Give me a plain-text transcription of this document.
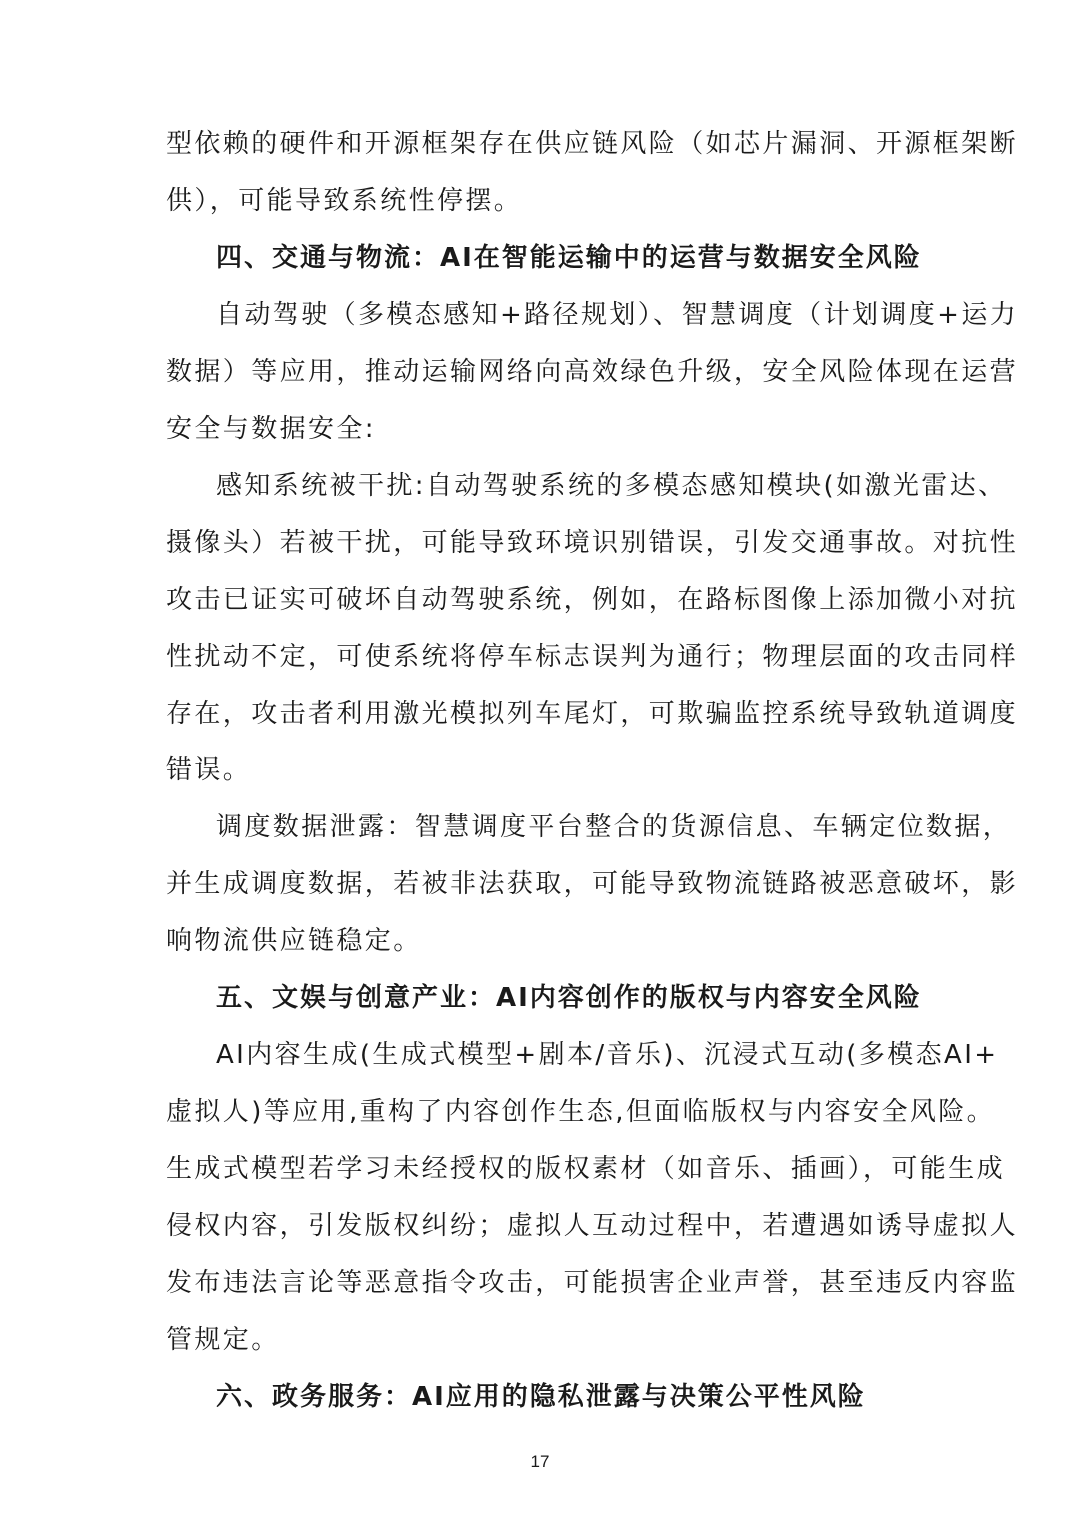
型依赖的硬件和开源框架存在供应链风险（如芯片漏洞、开源框架断
供），可能导致系统性停摆。
四、交通与物流：AI在智能运输中的运营与数据安全风险
自动驾驶（多模态感知+路径规划）、智慧调度（计划调度+运力
数据）等应用，推动运输网络向高效绿色升级，安全风险体现在运营
安全与数据安全:
感知系统被干扰:自动驾驶系统的多模态感知模块(如激光雷达、
摄像头）若被干扰，可能导致环境识别错误，引发交通事故。对抗性
攻击已证实可破坏自动驾驶系统，例如，在路标图像上添加微小对抗
性扰动不定，可使系统将停车标志误判为通行；物理层面的攻击同样
存在，攻击者利用激光模拟列车尾灯，可欺骗监控系统导致轨道调度
错误。
调度数据泄露：智慧调度平台整合的货源信息、车辆定位数据，
并生成调度数据，若被非法获取，可能导致物流链路被恶意破坏，影
响物流供应链稳定。
五、文娱与创意产业：AI内容创作的版权与内容安全风险
AI内容生成(生成式模型+剧本/音乐)、沉浸式互动(多模态AI+
虚拟人)等应用,重构了内容创作生态,但面临版权与内容安全风险。
生成式模型若学习未经授权的版权素材（如音乐、插画），可能生成
侵权内容，引发版权纠纷；虚拟人互动过程中，若遭遇如诱导虚拟人
发布违法言论等恶意指令攻击，可能损害企业声誉，甚至违反内容监
管规定。
六、政务服务：AI应用的隐私泄露与决策公平性风险
17
